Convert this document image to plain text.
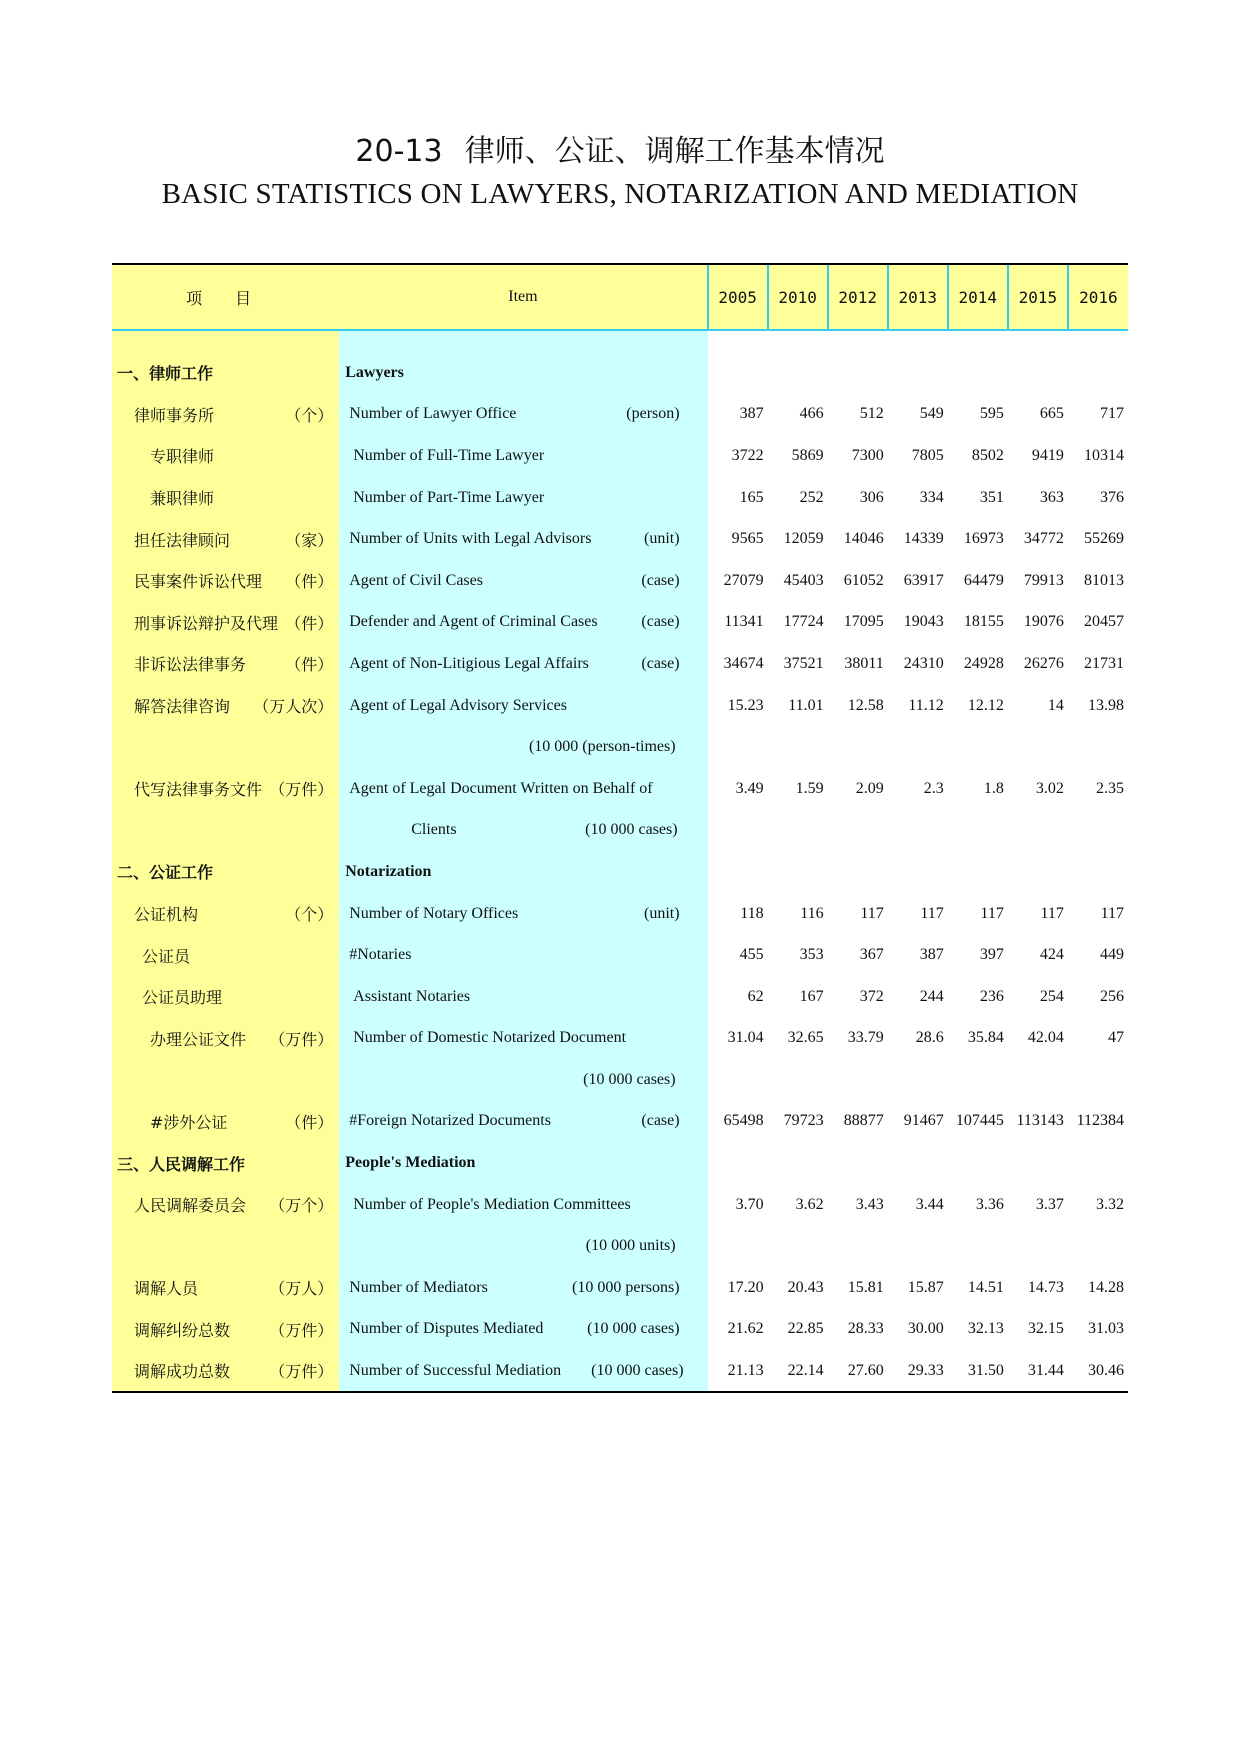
20-13 律师、公证、调解工作基本情况
BASIC STATISTICS ON LAWYERS, NOTARIZATION AND MEDIATION
项 目	Item	2005	2010	2012	2013	2014	2015	2016

一、律师工作	Lawyers							

律师事务所 （个）	Number of Lawyer Office (person)	387	466	512	549	595	665	717

专职律师	Number of Full-Time Lawyer	3722	5869	7300	7805	8502	9419	10314

兼职律师	Number of Part-Time Lawyer	165	252	306	334	351	363	376

担任法律顾问 （家）	Number of Units with Legal Advisors (unit)	9565	12059	14046	14339	16973	34772	55269

民事案件诉讼代理 （件）	Agent of Civil Cases (case)	27079	45403	61052	63917	64479	79913	81013

刑事诉讼辩护及代理 （件）	Defender and Agent of Criminal Cases (case)	11341	17724	17095	19043	18155	19076	20457

非诉讼法律事务 （件）	Agent of Non-Litigious Legal Affairs (case)	34674	37521	38011	24310	24928	26276	21731

解答法律咨询 （万人次）	Agent of Legal Advisory Services	15.23	11.01	12.58	11.12	12.12	14	13.98
	(10 000 (person-times)							

代写法律事务文件 （万件）	Agent of Legal Document Written on Behalf of	3.49	1.59	2.09	2.3	1.8	3.02	2.35

	Clients (10 000 cases)							

二、公证工作	Notarization							

公证机构 （个）	Number of Notary Offices (unit)	118	116	117	117	117	117	117

公证员	#Notaries	455	353	367	387	397	424	449

公证员助理	Assistant Notaries	62	167	372	244	236	254	256

办理公证文件 （万件）	Number of Domestic Notarized Document	31.04	32.65	33.79	28.6	35.84	42.04	47
	(10 000 cases)							

#涉外公证 （件）	#Foreign Notarized Documents (case)	65498	79723	88877	91467	107445	113143	112384
三、人民调解工作	People's Mediation							

人民调解委员会 （万个）	Number of People's Mediation Committees	3.70	3.62	3.43	3.44	3.36	3.37	3.32
	(10 000 units)							

调解人员 （万人）	Number of Mediators (10 000 persons)	17.20	20.43	15.81	15.87	14.51	14.73	14.28

调解纠纷总数 （万件）	Number of Disputes Mediated (10 000 cases)	21.62	22.85	28.33	30.00	32.13	32.15	31.03

调解成功总数 （万件）	Number of Successful Mediation (10 000 cases)	21.13	22.14	27.60	29.33	31.50	31.44	30.46
